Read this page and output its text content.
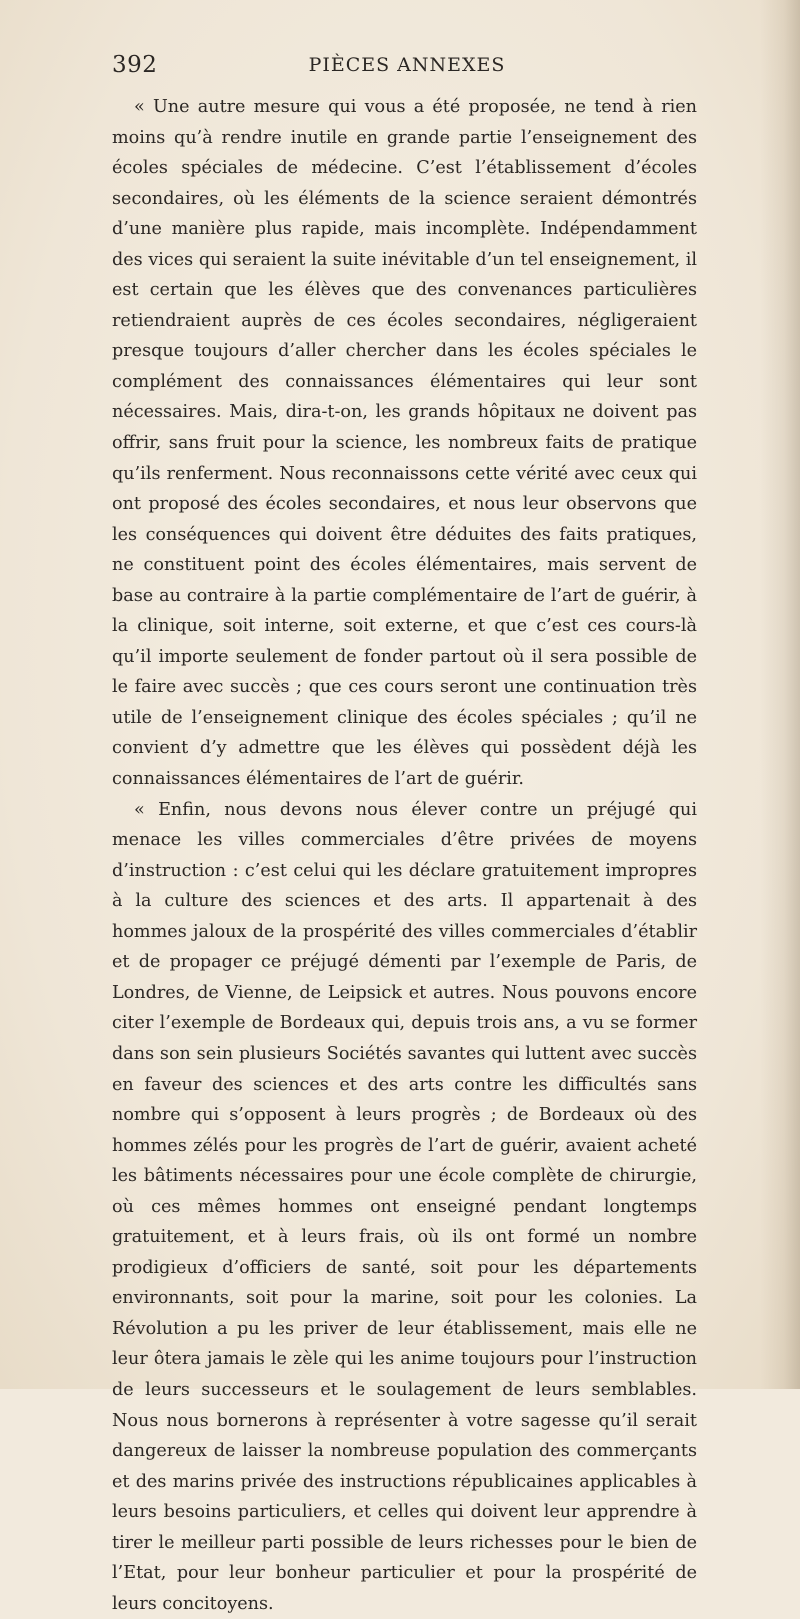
392	PIÈCES ANNEXES

« Une autre mesure qui vous a été proposée, ne tend à rien moins qu’à rendre inutile en grande partie l’enseignement des écoles spéciales de médecine. C’est l’établissement d’écoles secondaires, où les éléments de la science seraient démontrés d’une manière plus rapide, mais incomplète. Indépendamment des vices qui seraient la suite inévitable d’un tel enseignement, il est certain que les élèves que des convenances particulières retiendraient auprès de ces écoles secondaires, négligeraient presque toujours d’aller chercher dans les écoles spéciales le complément des connaissances élémentaires qui leur sont nécessaires. Mais, dira-t-on, les grands hôpitaux ne doivent pas offrir, sans fruit pour la science, les nombreux faits de pratique qu’ils renferment. Nous reconnaissons cette vérité avec ceux qui ont proposé des écoles secondaires, et nous leur observons que les conséquences qui doivent être déduites des faits pratiques, ne constituent point des écoles élémentaires, mais servent de base au contraire à la partie complémentaire de l’art de guérir, à la clinique, soit interne, soit externe, et que c’est ces cours-là qu’il importe seulement de fonder partout où il sera possible de le faire avec succès ; que ces cours seront une continuation très utile de l’enseignement clinique des écoles spéciales ; qu’il ne convient d’y admettre que les élèves qui possèdent déjà les connaissances élémentaires de l’art de guérir.

« Enfin, nous devons nous élever contre un préjugé qui menace les villes commerciales d’être privées de moyens d’instruction : c’est celui qui les déclare gratuitement impropres à la culture des sciences et des arts. Il appartenait à des hommes jaloux de la prospérité des villes commerciales d’établir et de propager ce préjugé démenti par l’exemple de Paris, de Londres, de Vienne, de Leipsick et autres. Nous pouvons encore citer l’exemple de Bordeaux qui, depuis trois ans, a vu se former dans son sein plusieurs Sociétés savantes qui luttent avec succès en faveur des sciences et des arts contre les difficultés sans nombre qui s’opposent à leurs progrès ; de Bordeaux où des hommes zélés pour les progrès de l’art de guérir, avaient acheté les bâtiments nécessaires pour une école complète de chirurgie, où ces mêmes hommes ont enseigné pendant longtemps gratuitement, et à leurs frais, où ils ont formé un nombre prodigieux d’officiers de santé, soit pour les départements environnants, soit pour la marine, soit pour les colonies. La Révolution a pu les priver de leur établissement, mais elle ne leur ôtera jamais le zèle qui les anime toujours pour l’instruction de leurs successeurs et le soulagement de leurs semblables. Nous nous bornerons à représenter à votre sagesse qu’il serait dangereux de laisser la nombreuse population des commerçants et des marins privée des instructions républicaines applicables à leurs besoins particuliers, et celles qui doivent leur apprendre à tirer le meilleur parti possible de leurs richesses pour le bien de l’Etat, pour leur bonheur particulier et pour la prospérité de leurs concitoyens.
